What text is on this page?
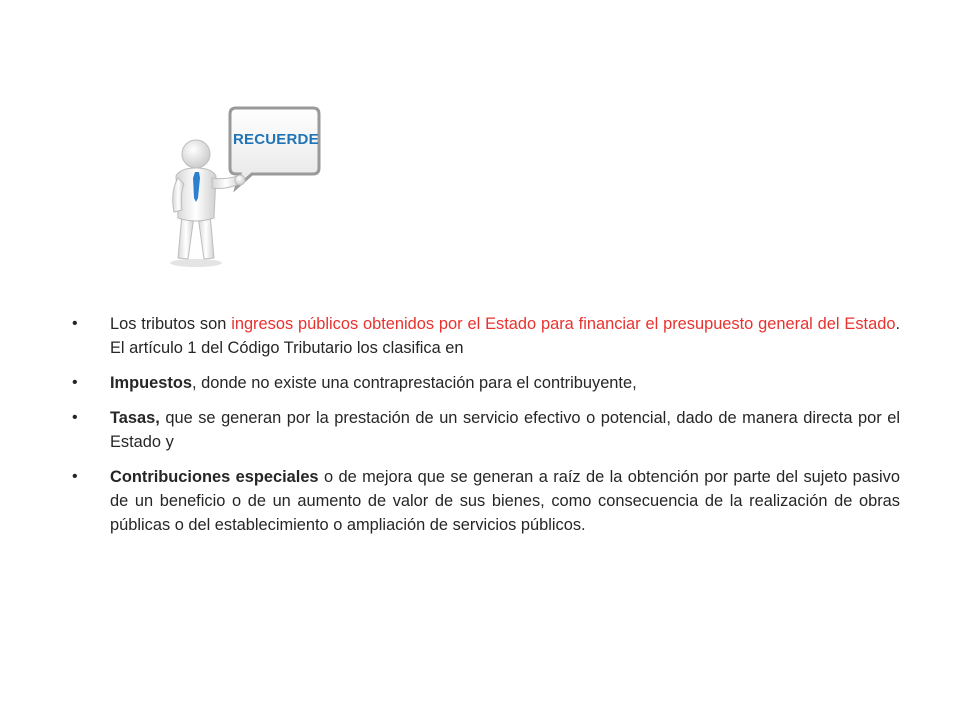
RECUERDE
•	Los tributos son ingresos públicos obtenidos por el Estado para financiar el presupuesto general del Estado. El artículo 1 del Código Tributario los clasifica en
•	Impuestos, donde no existe una contraprestación para el contribuyente,
•	Tasas, que se generan por la prestación de un servicio efectivo o potencial, dado de manera directa por el Estado y
•	Contribuciones especiales o de mejora que se generan a raíz de la obtención por parte del sujeto pasivo de un beneficio o de un aumento de valor de sus bienes, como consecuencia de la realización de obras públicas o del establecimiento o ampliación de servicios públicos.
